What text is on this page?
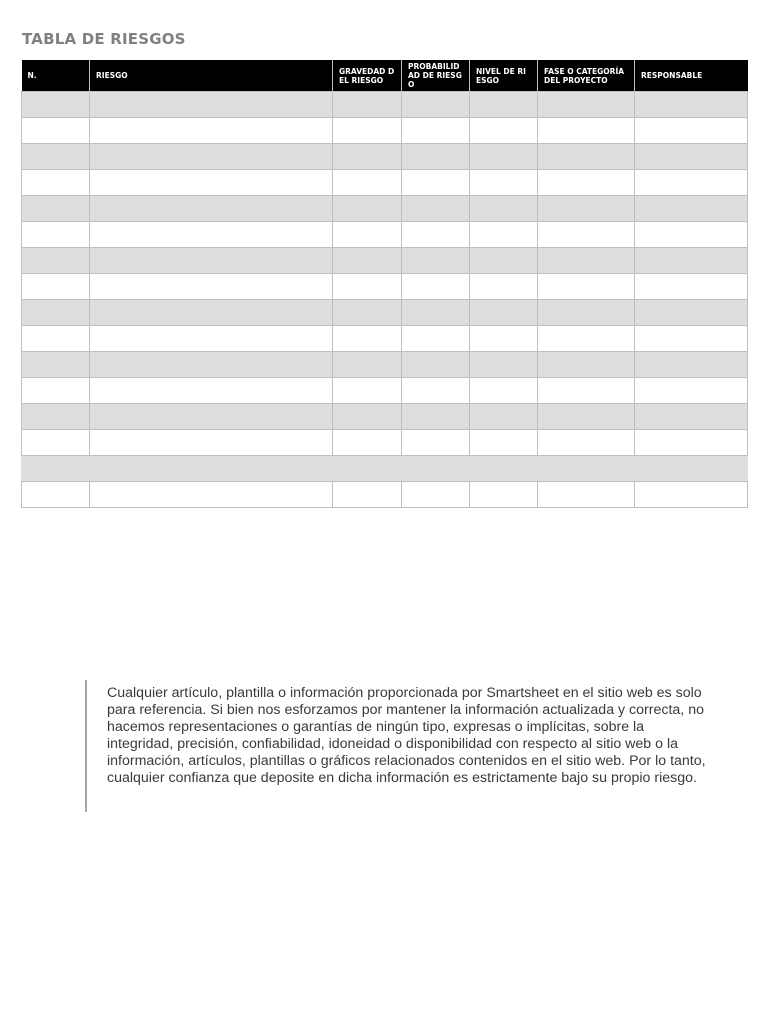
TABLA DE RIESGOS
N.	RIESGO	GRAVEDAD DEL RIESGO	PROBABILIDAD DE RIESGO	NIVEL DE RIESGO	FASE O CATEGORÍA DEL PROYECTO	RESPONSABLE

Cualquier artículo, plantilla o información proporcionada por Smartsheet en el sitio web es solo para referencia. Si bien nos esforzamos por mantener la información actualizada y correcta, no hacemos representaciones o garantías de ningún tipo, expresas o implícitas, sobre la integridad, precisión, confiabilidad, idoneidad o disponibilidad con respecto al sitio web o la información, artículos, plantillas o gráficos relacionados contenidos en el sitio web. Por lo tanto, cualquier confianza que deposite en dicha información es estrictamente bajo su propio riesgo.
